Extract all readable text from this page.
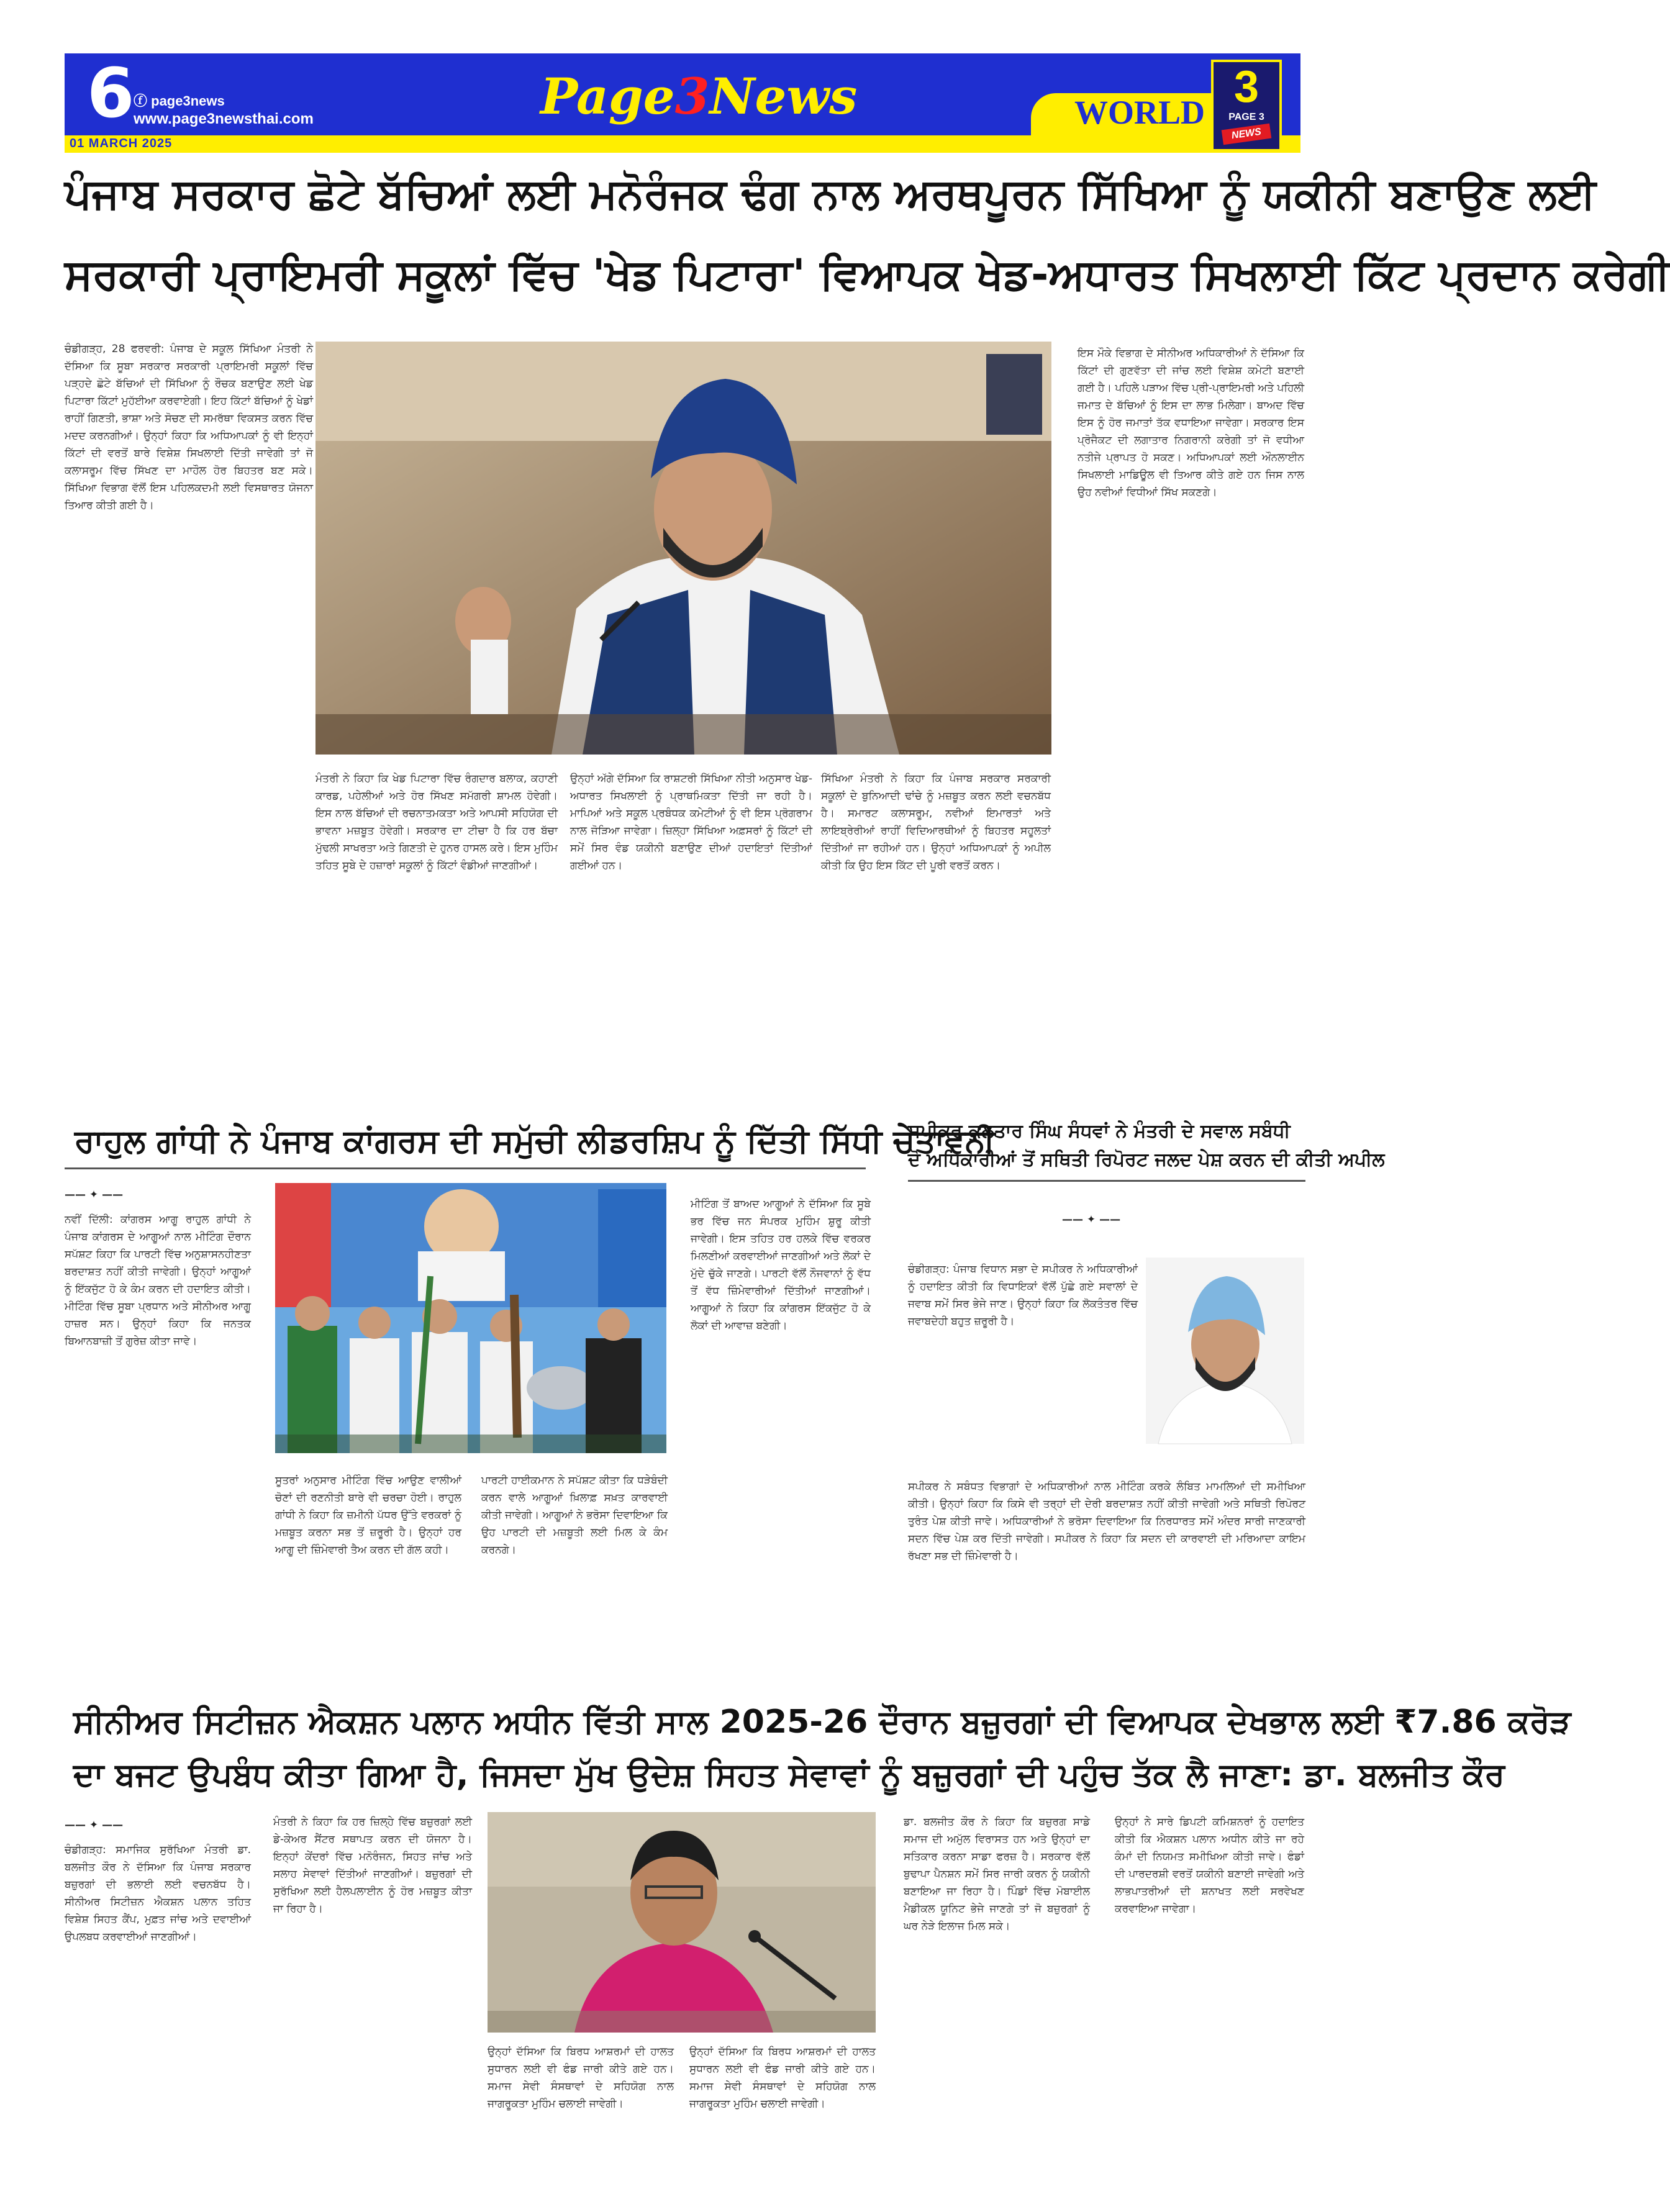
6
ⓕ page3news
www.page3newsthai.com
01 MARCH 2025
Page3News	WORLD
3
PAGE 3
NEWS
ਪੰਜਾਬ ਸਰਕਾਰ ਛੋਟੇ ਬੱਚਿਆਂ ਲਈ ਮਨੋਰੰਜਕ ਢੰਗ ਨਾਲ ਅਰਥਪੂਰਨ ਸਿੱਖਿਆ ਨੂੰ ਯਕੀਨੀ ਬਣਾਉਣ ਲਈ
ਸਰਕਾਰੀ ਪ੍ਰਾਇਮਰੀ ਸਕੂਲਾਂ ਵਿੱਚ 'ਖੇਡ ਪਿਟਾਰਾ' ਵਿਆਪਕ ਖੇਡ-ਅਧਾਰਤ ਸਿਖਲਾਈ ਕਿੱਟ ਪ੍ਰਦਾਨ ਕਰੇਗੀ
ਚੰਡੀਗੜ੍ਹ, 28 ਫਰਵਰੀ: ਪੰਜਾਬ ਦੇ ਸਕੂਲ ਸਿੱਖਿਆ ਮੰਤਰੀ ਨੇ ਦੱਸਿਆ ਕਿ ਸੂਬਾ ਸਰਕਾਰ ਸਰਕਾਰੀ ਪ੍ਰਾਇਮਰੀ ਸਕੂਲਾਂ ਵਿੱਚ ਪੜ੍ਹਦੇ ਛੋਟੇ ਬੱਚਿਆਂ ਦੀ ਸਿੱਖਿਆ ਨੂੰ ਰੌਚਕ ਬਣਾਉਣ ਲਈ ਖੇਡ ਪਿਟਾਰਾ ਕਿੱਟਾਂ ਮੁਹੱਈਆ ਕਰਵਾਏਗੀ। ਇਹ ਕਿੱਟਾਂ ਬੱਚਿਆਂ ਨੂੰ ਖੇਡਾਂ ਰਾਹੀਂ ਗਿਣਤੀ, ਭਾਸ਼ਾ ਅਤੇ ਸੋਚਣ ਦੀ ਸਮਰੱਥਾ ਵਿਕਸਤ ਕਰਨ ਵਿੱਚ ਮਦਦ ਕਰਨਗੀਆਂ। ਉਨ੍ਹਾਂ ਕਿਹਾ ਕਿ ਅਧਿਆਪਕਾਂ ਨੂੰ ਵੀ ਇਨ੍ਹਾਂ ਕਿੱਟਾਂ ਦੀ ਵਰਤੋਂ ਬਾਰੇ ਵਿਸ਼ੇਸ਼ ਸਿਖਲਾਈ ਦਿੱਤੀ ਜਾਵੇਗੀ ਤਾਂ ਜੋ ਕਲਾਸਰੂਮ ਵਿੱਚ ਸਿੱਖਣ ਦਾ ਮਾਹੌਲ ਹੋਰ ਬਿਹਤਰ ਬਣ ਸਕੇ। ਸਿੱਖਿਆ ਵਿਭਾਗ ਵੱਲੋਂ ਇਸ ਪਹਿਲਕਦਮੀ ਲਈ ਵਿਸਥਾਰਤ ਯੋਜਨਾ ਤਿਆਰ ਕੀਤੀ ਗਈ ਹੈ।
ਇਸ ਮੌਕੇ ਵਿਭਾਗ ਦੇ ਸੀਨੀਅਰ ਅਧਿਕਾਰੀਆਂ ਨੇ ਦੱਸਿਆ ਕਿ ਕਿੱਟਾਂ ਦੀ ਗੁਣਵੱਤਾ ਦੀ ਜਾਂਚ ਲਈ ਵਿਸ਼ੇਸ਼ ਕਮੇਟੀ ਬਣਾਈ ਗਈ ਹੈ। ਪਹਿਲੇ ਪੜਾਅ ਵਿੱਚ ਪ੍ਰੀ-ਪ੍ਰਾਇਮਰੀ ਅਤੇ ਪਹਿਲੀ ਜਮਾਤ ਦੇ ਬੱਚਿਆਂ ਨੂੰ ਇਸ ਦਾ ਲਾਭ ਮਿਲੇਗਾ। ਬਾਅਦ ਵਿੱਚ ਇਸ ਨੂੰ ਹੋਰ ਜਮਾਤਾਂ ਤੱਕ ਵਧਾਇਆ ਜਾਵੇਗਾ। ਸਰਕਾਰ ਇਸ ਪ੍ਰੋਜੈਕਟ ਦੀ ਲਗਾਤਾਰ ਨਿਗਰਾਨੀ ਕਰੇਗੀ ਤਾਂ ਜੋ ਵਧੀਆ ਨਤੀਜੇ ਪ੍ਰਾਪਤ ਹੋ ਸਕਣ। ਅਧਿਆਪਕਾਂ ਲਈ ਔਨਲਾਈਨ ਸਿਖਲਾਈ ਮਾਡਿਊਲ ਵੀ ਤਿਆਰ ਕੀਤੇ ਗਏ ਹਨ ਜਿਸ ਨਾਲ ਉਹ ਨਵੀਆਂ ਵਿਧੀਆਂ ਸਿੱਖ ਸਕਣਗੇ।
ਮੰਤਰੀ ਨੇ ਕਿਹਾ ਕਿ ਖੇਡ ਪਿਟਾਰਾ ਵਿੱਚ ਰੰਗਦਾਰ ਬਲਾਕ, ਕਹਾਣੀ ਕਾਰਡ, ਪਹੇਲੀਆਂ ਅਤੇ ਹੋਰ ਸਿੱਖਣ ਸਮੱਗਰੀ ਸ਼ਾਮਲ ਹੋਵੇਗੀ। ਇਸ ਨਾਲ ਬੱਚਿਆਂ ਦੀ ਰਚਨਾਤਮਕਤਾ ਅਤੇ ਆਪਸੀ ਸਹਿਯੋਗ ਦੀ ਭਾਵਨਾ ਮਜ਼ਬੂਤ ਹੋਵੇਗੀ। ਸਰਕਾਰ ਦਾ ਟੀਚਾ ਹੈ ਕਿ ਹਰ ਬੱਚਾ ਮੁੱਢਲੀ ਸਾਖਰਤਾ ਅਤੇ ਗਿਣਤੀ ਦੇ ਹੁਨਰ ਹਾਸਲ ਕਰੇ। ਇਸ ਮੁਹਿੰਮ ਤਹਿਤ ਸੂਬੇ ਦੇ ਹਜ਼ਾਰਾਂ ਸਕੂਲਾਂ ਨੂੰ ਕਿੱਟਾਂ ਵੰਡੀਆਂ ਜਾਣਗੀਆਂ।
ਉਨ੍ਹਾਂ ਅੱਗੇ ਦੱਸਿਆ ਕਿ ਰਾਸ਼ਟਰੀ ਸਿੱਖਿਆ ਨੀਤੀ ਅਨੁਸਾਰ ਖੇਡ-ਅਧਾਰਤ ਸਿਖਲਾਈ ਨੂੰ ਪ੍ਰਾਥਮਿਕਤਾ ਦਿੱਤੀ ਜਾ ਰਹੀ ਹੈ। ਮਾਪਿਆਂ ਅਤੇ ਸਕੂਲ ਪ੍ਰਬੰਧਕ ਕਮੇਟੀਆਂ ਨੂੰ ਵੀ ਇਸ ਪ੍ਰੋਗਰਾਮ ਨਾਲ ਜੋੜਿਆ ਜਾਵੇਗਾ। ਜ਼ਿਲ੍ਹਾ ਸਿੱਖਿਆ ਅਫ਼ਸਰਾਂ ਨੂੰ ਕਿੱਟਾਂ ਦੀ ਸਮੇਂ ਸਿਰ ਵੰਡ ਯਕੀਨੀ ਬਣਾਉਣ ਦੀਆਂ ਹਦਾਇਤਾਂ ਦਿੱਤੀਆਂ ਗਈਆਂ ਹਨ।
ਸਿੱਖਿਆ ਮੰਤਰੀ ਨੇ ਕਿਹਾ ਕਿ ਪੰਜਾਬ ਸਰਕਾਰ ਸਰਕਾਰੀ ਸਕੂਲਾਂ ਦੇ ਬੁਨਿਆਦੀ ਢਾਂਚੇ ਨੂੰ ਮਜ਼ਬੂਤ ਕਰਨ ਲਈ ਵਚਨਬੱਧ ਹੈ। ਸਮਾਰਟ ਕਲਾਸਰੂਮ, ਨਵੀਆਂ ਇਮਾਰਤਾਂ ਅਤੇ ਲਾਇਬ੍ਰੇਰੀਆਂ ਰਾਹੀਂ ਵਿਦਿਆਰਥੀਆਂ ਨੂੰ ਬਿਹਤਰ ਸਹੂਲਤਾਂ ਦਿੱਤੀਆਂ ਜਾ ਰਹੀਆਂ ਹਨ। ਉਨ੍ਹਾਂ ਅਧਿਆਪਕਾਂ ਨੂੰ ਅਪੀਲ ਕੀਤੀ ਕਿ ਉਹ ਇਸ ਕਿੱਟ ਦੀ ਪੂਰੀ ਵਰਤੋਂ ਕਰਨ।
ਰਾਹੁਲ ਗਾਂਧੀ ਨੇ ਪੰਜਾਬ ਕਾਂਗਰਸ ਦੀ ਸਮੁੱਚੀ ਲੀਡਰਸ਼ਿਪ ਨੂੰ ਦਿੱਤੀ ਸਿੱਧੀ ਚੇਤਾਵਨੀ
—— ✦ ——
ਨਵੀਂ ਦਿੱਲੀ: ਕਾਂਗਰਸ ਆਗੂ ਰਾਹੁਲ ਗਾਂਧੀ ਨੇ ਪੰਜਾਬ ਕਾਂਗਰਸ ਦੇ ਆਗੂਆਂ ਨਾਲ ਮੀਟਿੰਗ ਦੌਰਾਨ ਸਪੱਸ਼ਟ ਕਿਹਾ ਕਿ ਪਾਰਟੀ ਵਿੱਚ ਅਨੁਸ਼ਾਸਨਹੀਣਤਾ ਬਰਦਾਸ਼ਤ ਨਹੀਂ ਕੀਤੀ ਜਾਵੇਗੀ। ਉਨ੍ਹਾਂ ਆਗੂਆਂ ਨੂੰ ਇੱਕਜੁੱਟ ਹੋ ਕੇ ਕੰਮ ਕਰਨ ਦੀ ਹਦਾਇਤ ਕੀਤੀ। ਮੀਟਿੰਗ ਵਿੱਚ ਸੂਬਾ ਪ੍ਰਧਾਨ ਅਤੇ ਸੀਨੀਅਰ ਆਗੂ ਹਾਜ਼ਰ ਸਨ। ਉਨ੍ਹਾਂ ਕਿਹਾ ਕਿ ਜਨਤਕ ਬਿਆਨਬਾਜ਼ੀ ਤੋਂ ਗੁਰੇਜ਼ ਕੀਤਾ ਜਾਵੇ।
ਸੂਤਰਾਂ ਅਨੁਸਾਰ ਮੀਟਿੰਗ ਵਿੱਚ ਆਉਣ ਵਾਲੀਆਂ ਚੋਣਾਂ ਦੀ ਰਣਨੀਤੀ ਬਾਰੇ ਵੀ ਚਰਚਾ ਹੋਈ। ਰਾਹੁਲ ਗਾਂਧੀ ਨੇ ਕਿਹਾ ਕਿ ਜ਼ਮੀਨੀ ਪੱਧਰ ਉੱਤੇ ਵਰਕਰਾਂ ਨੂੰ ਮਜ਼ਬੂਤ ਕਰਨਾ ਸਭ ਤੋਂ ਜ਼ਰੂਰੀ ਹੈ। ਉਨ੍ਹਾਂ ਹਰ ਆਗੂ ਦੀ ਜ਼ਿੰਮੇਵਾਰੀ ਤੈਅ ਕਰਨ ਦੀ ਗੱਲ ਕਹੀ।
ਪਾਰਟੀ ਹਾਈਕਮਾਨ ਨੇ ਸਪੱਸ਼ਟ ਕੀਤਾ ਕਿ ਧੜੇਬੰਦੀ ਕਰਨ ਵਾਲੇ ਆਗੂਆਂ ਖ਼ਿਲਾਫ਼ ਸਖ਼ਤ ਕਾਰਵਾਈ ਕੀਤੀ ਜਾਵੇਗੀ। ਆਗੂਆਂ ਨੇ ਭਰੋਸਾ ਦਿਵਾਇਆ ਕਿ ਉਹ ਪਾਰਟੀ ਦੀ ਮਜ਼ਬੂਤੀ ਲਈ ਮਿਲ ਕੇ ਕੰਮ ਕਰਨਗੇ।
ਮੀਟਿੰਗ ਤੋਂ ਬਾਅਦ ਆਗੂਆਂ ਨੇ ਦੱਸਿਆ ਕਿ ਸੂਬੇ ਭਰ ਵਿੱਚ ਜਨ ਸੰਪਰਕ ਮੁਹਿੰਮ ਸ਼ੁਰੂ ਕੀਤੀ ਜਾਵੇਗੀ। ਇਸ ਤਹਿਤ ਹਰ ਹਲਕੇ ਵਿੱਚ ਵਰਕਰ ਮਿਲਣੀਆਂ ਕਰਵਾਈਆਂ ਜਾਣਗੀਆਂ ਅਤੇ ਲੋਕਾਂ ਦੇ ਮੁੱਦੇ ਚੁੱਕੇ ਜਾਣਗੇ। ਪਾਰਟੀ ਵੱਲੋਂ ਨੌਜਵਾਨਾਂ ਨੂੰ ਵੱਧ ਤੋਂ ਵੱਧ ਜ਼ਿੰਮੇਵਾਰੀਆਂ ਦਿੱਤੀਆਂ ਜਾਣਗੀਆਂ। ਆਗੂਆਂ ਨੇ ਕਿਹਾ ਕਿ ਕਾਂਗਰਸ ਇੱਕਜੁੱਟ ਹੋ ਕੇ ਲੋਕਾਂ ਦੀ ਆਵਾਜ਼ ਬਣੇਗੀ।
ਸਪੀਕਰ ਕੁਲਤਾਰ ਸਿੰਘ ਸੰਧਵਾਂ ਨੇ ਮੰਤਰੀ ਦੇ ਸਵਾਲ ਸਬੰਧੀ
ਦੋ ਅਧਿਕਾਰੀਆਂ ਤੋਂ ਸਥਿਤੀ ਰਿਪੋਰਟ ਜਲਦ ਪੇਸ਼ ਕਰਨ ਦੀ ਕੀਤੀ ਅਪੀਲ
—— ✦ ——
ਚੰਡੀਗੜ੍ਹ: ਪੰਜਾਬ ਵਿਧਾਨ ਸਭਾ ਦੇ ਸਪੀਕਰ ਨੇ ਅਧਿਕਾਰੀਆਂ ਨੂੰ ਹਦਾਇਤ ਕੀਤੀ ਕਿ ਵਿਧਾਇਕਾਂ ਵੱਲੋਂ ਪੁੱਛੇ ਗਏ ਸਵਾਲਾਂ ਦੇ ਜਵਾਬ ਸਮੇਂ ਸਿਰ ਭੇਜੇ ਜਾਣ। ਉਨ੍ਹਾਂ ਕਿਹਾ ਕਿ ਲੋਕਤੰਤਰ ਵਿੱਚ ਜਵਾਬਦੇਹੀ ਬਹੁਤ ਜ਼ਰੂਰੀ ਹੈ।
ਸਪੀਕਰ ਨੇ ਸਬੰਧਤ ਵਿਭਾਗਾਂ ਦੇ ਅਧਿਕਾਰੀਆਂ ਨਾਲ ਮੀਟਿੰਗ ਕਰਕੇ ਲੰਬਿਤ ਮਾਮਲਿਆਂ ਦੀ ਸਮੀਖਿਆ ਕੀਤੀ। ਉਨ੍ਹਾਂ ਕਿਹਾ ਕਿ ਕਿਸੇ ਵੀ ਤਰ੍ਹਾਂ ਦੀ ਦੇਰੀ ਬਰਦਾਸ਼ਤ ਨਹੀਂ ਕੀਤੀ ਜਾਵੇਗੀ ਅਤੇ ਸਥਿਤੀ ਰਿਪੋਰਟ ਤੁਰੰਤ ਪੇਸ਼ ਕੀਤੀ ਜਾਵੇ। ਅਧਿਕਾਰੀਆਂ ਨੇ ਭਰੋਸਾ ਦਿਵਾਇਆ ਕਿ ਨਿਰਧਾਰਤ ਸਮੇਂ ਅੰਦਰ ਸਾਰੀ ਜਾਣਕਾਰੀ ਸਦਨ ਵਿੱਚ ਪੇਸ਼ ਕਰ ਦਿੱਤੀ ਜਾਵੇਗੀ। ਸਪੀਕਰ ਨੇ ਕਿਹਾ ਕਿ ਸਦਨ ਦੀ ਕਾਰਵਾਈ ਦੀ ਮਰਿਆਦਾ ਕਾਇਮ ਰੱਖਣਾ ਸਭ ਦੀ ਜ਼ਿੰਮੇਵਾਰੀ ਹੈ।
ਸੀਨੀਅਰ ਸਿਟੀਜ਼ਨ ਐਕਸ਼ਨ ਪਲਾਨ ਅਧੀਨ ਵਿੱਤੀ ਸਾਲ 2025-26 ਦੌਰਾਨ ਬਜ਼ੁਰਗਾਂ ਦੀ ਵਿਆਪਕ ਦੇਖਭਾਲ ਲਈ ₹7.86 ਕਰੋੜ
ਦਾ ਬਜਟ ਉਪਬੰਧ ਕੀਤਾ ਗਿਆ ਹੈ, ਜਿਸਦਾ ਮੁੱਖ ਉਦੇਸ਼ ਸਿਹਤ ਸੇਵਾਵਾਂ ਨੂੰ ਬਜ਼ੁਰਗਾਂ ਦੀ ਪਹੁੰਚ ਤੱਕ ਲੈ ਜਾਣਾ: ਡਾ. ਬਲਜੀਤ ਕੌਰ
—— ✦ ——
ਚੰਡੀਗੜ੍ਹ: ਸਮਾਜਿਕ ਸੁਰੱਖਿਆ ਮੰਤਰੀ ਡਾ. ਬਲਜੀਤ ਕੌਰ ਨੇ ਦੱਸਿਆ ਕਿ ਪੰਜਾਬ ਸਰਕਾਰ ਬਜ਼ੁਰਗਾਂ ਦੀ ਭਲਾਈ ਲਈ ਵਚਨਬੱਧ ਹੈ। ਸੀਨੀਅਰ ਸਿਟੀਜ਼ਨ ਐਕਸ਼ਨ ਪਲਾਨ ਤਹਿਤ ਵਿਸ਼ੇਸ਼ ਸਿਹਤ ਕੈਂਪ, ਮੁਫ਼ਤ ਜਾਂਚ ਅਤੇ ਦਵਾਈਆਂ ਉਪਲਬਧ ਕਰਵਾਈਆਂ ਜਾਣਗੀਆਂ।
ਮੰਤਰੀ ਨੇ ਕਿਹਾ ਕਿ ਹਰ ਜ਼ਿਲ੍ਹੇ ਵਿੱਚ ਬਜ਼ੁਰਗਾਂ ਲਈ ਡੇ-ਕੇਅਰ ਸੈਂਟਰ ਸਥਾਪਤ ਕਰਨ ਦੀ ਯੋਜਨਾ ਹੈ। ਇਨ੍ਹਾਂ ਕੇਂਦਰਾਂ ਵਿੱਚ ਮਨੋਰੰਜਨ, ਸਿਹਤ ਜਾਂਚ ਅਤੇ ਸਲਾਹ ਸੇਵਾਵਾਂ ਦਿੱਤੀਆਂ ਜਾਣਗੀਆਂ। ਬਜ਼ੁਰਗਾਂ ਦੀ ਸੁਰੱਖਿਆ ਲਈ ਹੈਲਪਲਾਈਨ ਨੂੰ ਹੋਰ ਮਜ਼ਬੂਤ ਕੀਤਾ ਜਾ ਰਿਹਾ ਹੈ।
ਉਨ੍ਹਾਂ ਦੱਸਿਆ ਕਿ ਬਿਰਧ ਆਸ਼ਰਮਾਂ ਦੀ ਹਾਲਤ ਸੁਧਾਰਨ ਲਈ ਵੀ ਫੰਡ ਜਾਰੀ ਕੀਤੇ ਗਏ ਹਨ। ਸਮਾਜ ਸੇਵੀ ਸੰਸਥਾਵਾਂ ਦੇ ਸਹਿਯੋਗ ਨਾਲ ਜਾਗਰੂਕਤਾ ਮੁਹਿੰਮ ਚਲਾਈ ਜਾਵੇਗੀ।
ਉਨ੍ਹਾਂ ਦੱਸਿਆ ਕਿ ਬਿਰਧ ਆਸ਼ਰਮਾਂ ਦੀ ਹਾਲਤ ਸੁਧਾਰਨ ਲਈ ਵੀ ਫੰਡ ਜਾਰੀ ਕੀਤੇ ਗਏ ਹਨ। ਸਮਾਜ ਸੇਵੀ ਸੰਸਥਾਵਾਂ ਦੇ ਸਹਿਯੋਗ ਨਾਲ ਜਾਗਰੂਕਤਾ ਮੁਹਿੰਮ ਚਲਾਈ ਜਾਵੇਗੀ।
ਡਾ. ਬਲਜੀਤ ਕੌਰ ਨੇ ਕਿਹਾ ਕਿ ਬਜ਼ੁਰਗ ਸਾਡੇ ਸਮਾਜ ਦੀ ਅਮੁੱਲ ਵਿਰਾਸਤ ਹਨ ਅਤੇ ਉਨ੍ਹਾਂ ਦਾ ਸਤਿਕਾਰ ਕਰਨਾ ਸਾਡਾ ਫਰਜ਼ ਹੈ। ਸਰਕਾਰ ਵੱਲੋਂ ਬੁਢਾਪਾ ਪੈਨਸ਼ਨ ਸਮੇਂ ਸਿਰ ਜਾਰੀ ਕਰਨ ਨੂੰ ਯਕੀਨੀ ਬਣਾਇਆ ਜਾ ਰਿਹਾ ਹੈ। ਪਿੰਡਾਂ ਵਿੱਚ ਮੋਬਾਈਲ ਮੈਡੀਕਲ ਯੂਨਿਟ ਭੇਜੇ ਜਾਣਗੇ ਤਾਂ ਜੋ ਬਜ਼ੁਰਗਾਂ ਨੂੰ ਘਰ ਨੇੜੇ ਇਲਾਜ ਮਿਲ ਸਕੇ।
ਉਨ੍ਹਾਂ ਨੇ ਸਾਰੇ ਡਿਪਟੀ ਕਮਿਸ਼ਨਰਾਂ ਨੂੰ ਹਦਾਇਤ ਕੀਤੀ ਕਿ ਐਕਸ਼ਨ ਪਲਾਨ ਅਧੀਨ ਕੀਤੇ ਜਾ ਰਹੇ ਕੰਮਾਂ ਦੀ ਨਿਯਮਤ ਸਮੀਖਿਆ ਕੀਤੀ ਜਾਵੇ। ਫੰਡਾਂ ਦੀ ਪਾਰਦਰਸ਼ੀ ਵਰਤੋਂ ਯਕੀਨੀ ਬਣਾਈ ਜਾਵੇਗੀ ਅਤੇ ਲਾਭਪਾਤਰੀਆਂ ਦੀ ਸ਼ਨਾਖਤ ਲਈ ਸਰਵੇਖਣ ਕਰਵਾਇਆ ਜਾਵੇਗਾ।
